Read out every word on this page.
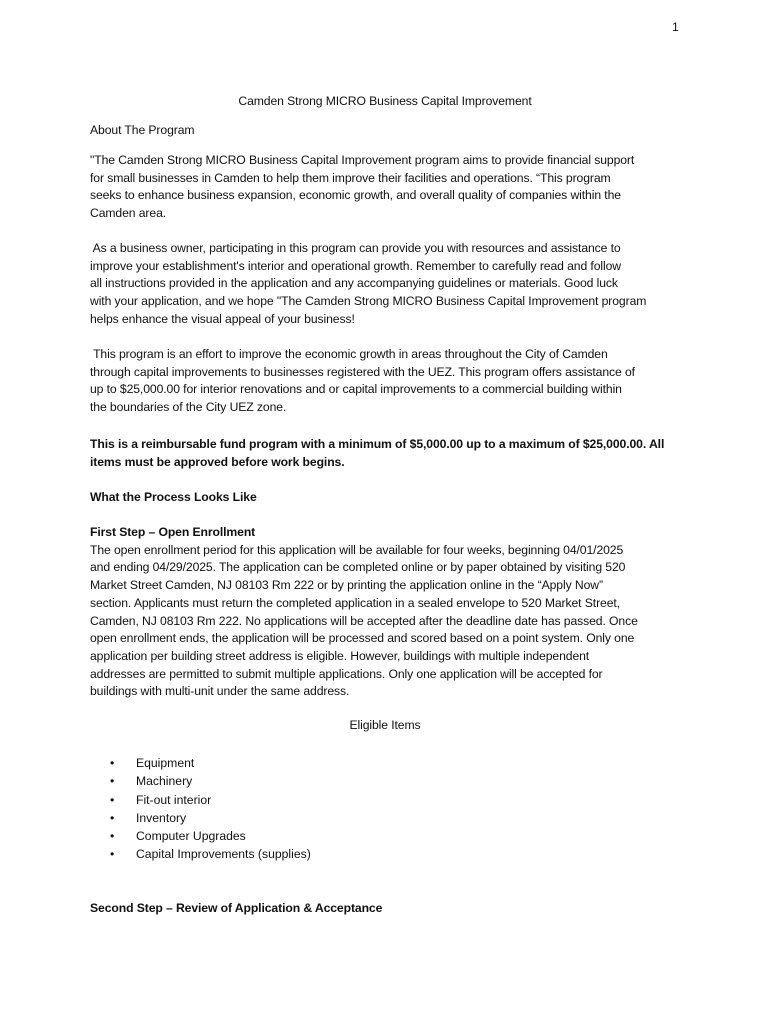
1
Camden Strong MICRO Business Capital Improvement
About The Program
"The Camden Strong MICRO Business Capital Improvement program aims to provide financial support
for small businesses in Camden to help them improve their facilities and operations. “This program
seeks to enhance business expansion, economic growth, and overall quality of companies within the
Camden area.
As a business owner, participating in this program can provide you with resources and assistance to
improve your establishment's interior and operational growth. Remember to carefully read and follow
all instructions provided in the application and any accompanying guidelines or materials. Good luck
with your application, and we hope "The Camden Strong MICRO Business Capital Improvement program
helps enhance the visual appeal of your business!
This program is an effort to improve the economic growth in areas throughout the City of Camden
through capital improvements to businesses registered with the UEZ. This program offers assistance of
up to $25,000.00 for interior renovations and or capital improvements to a commercial building within
the boundaries of the City UEZ zone.
This is a reimbursable fund program with a minimum of $5,000.00 up to a maximum of $25,000.00. All
items must be approved before work begins.
What the Process Looks Like
First Step – Open Enrollment
The open enrollment period for this application will be available for four weeks, beginning 04/01/2025
and ending 04/29/2025. The application can be completed online or by paper obtained by visiting 520
Market Street Camden, NJ 08103 Rm 222 or by printing the application online in the “Apply Now”
section. Applicants must return the completed application in a sealed envelope to 520 Market Street,
Camden, NJ 08103 Rm 222. No applications will be accepted after the deadline date has passed. Once
open enrollment ends, the application will be processed and scored based on a point system. Only one
application per building street address is eligible. However, buildings with multiple independent
addresses are permitted to submit multiple applications. Only one application will be accepted for
buildings with multi-unit under the same address.
Eligible Items
•	Equipment
•	Machinery
•	Fit-out interior
•	Inventory
•	Computer Upgrades
•	Capital Improvements (supplies)
Second Step – Review of Application & Acceptance
